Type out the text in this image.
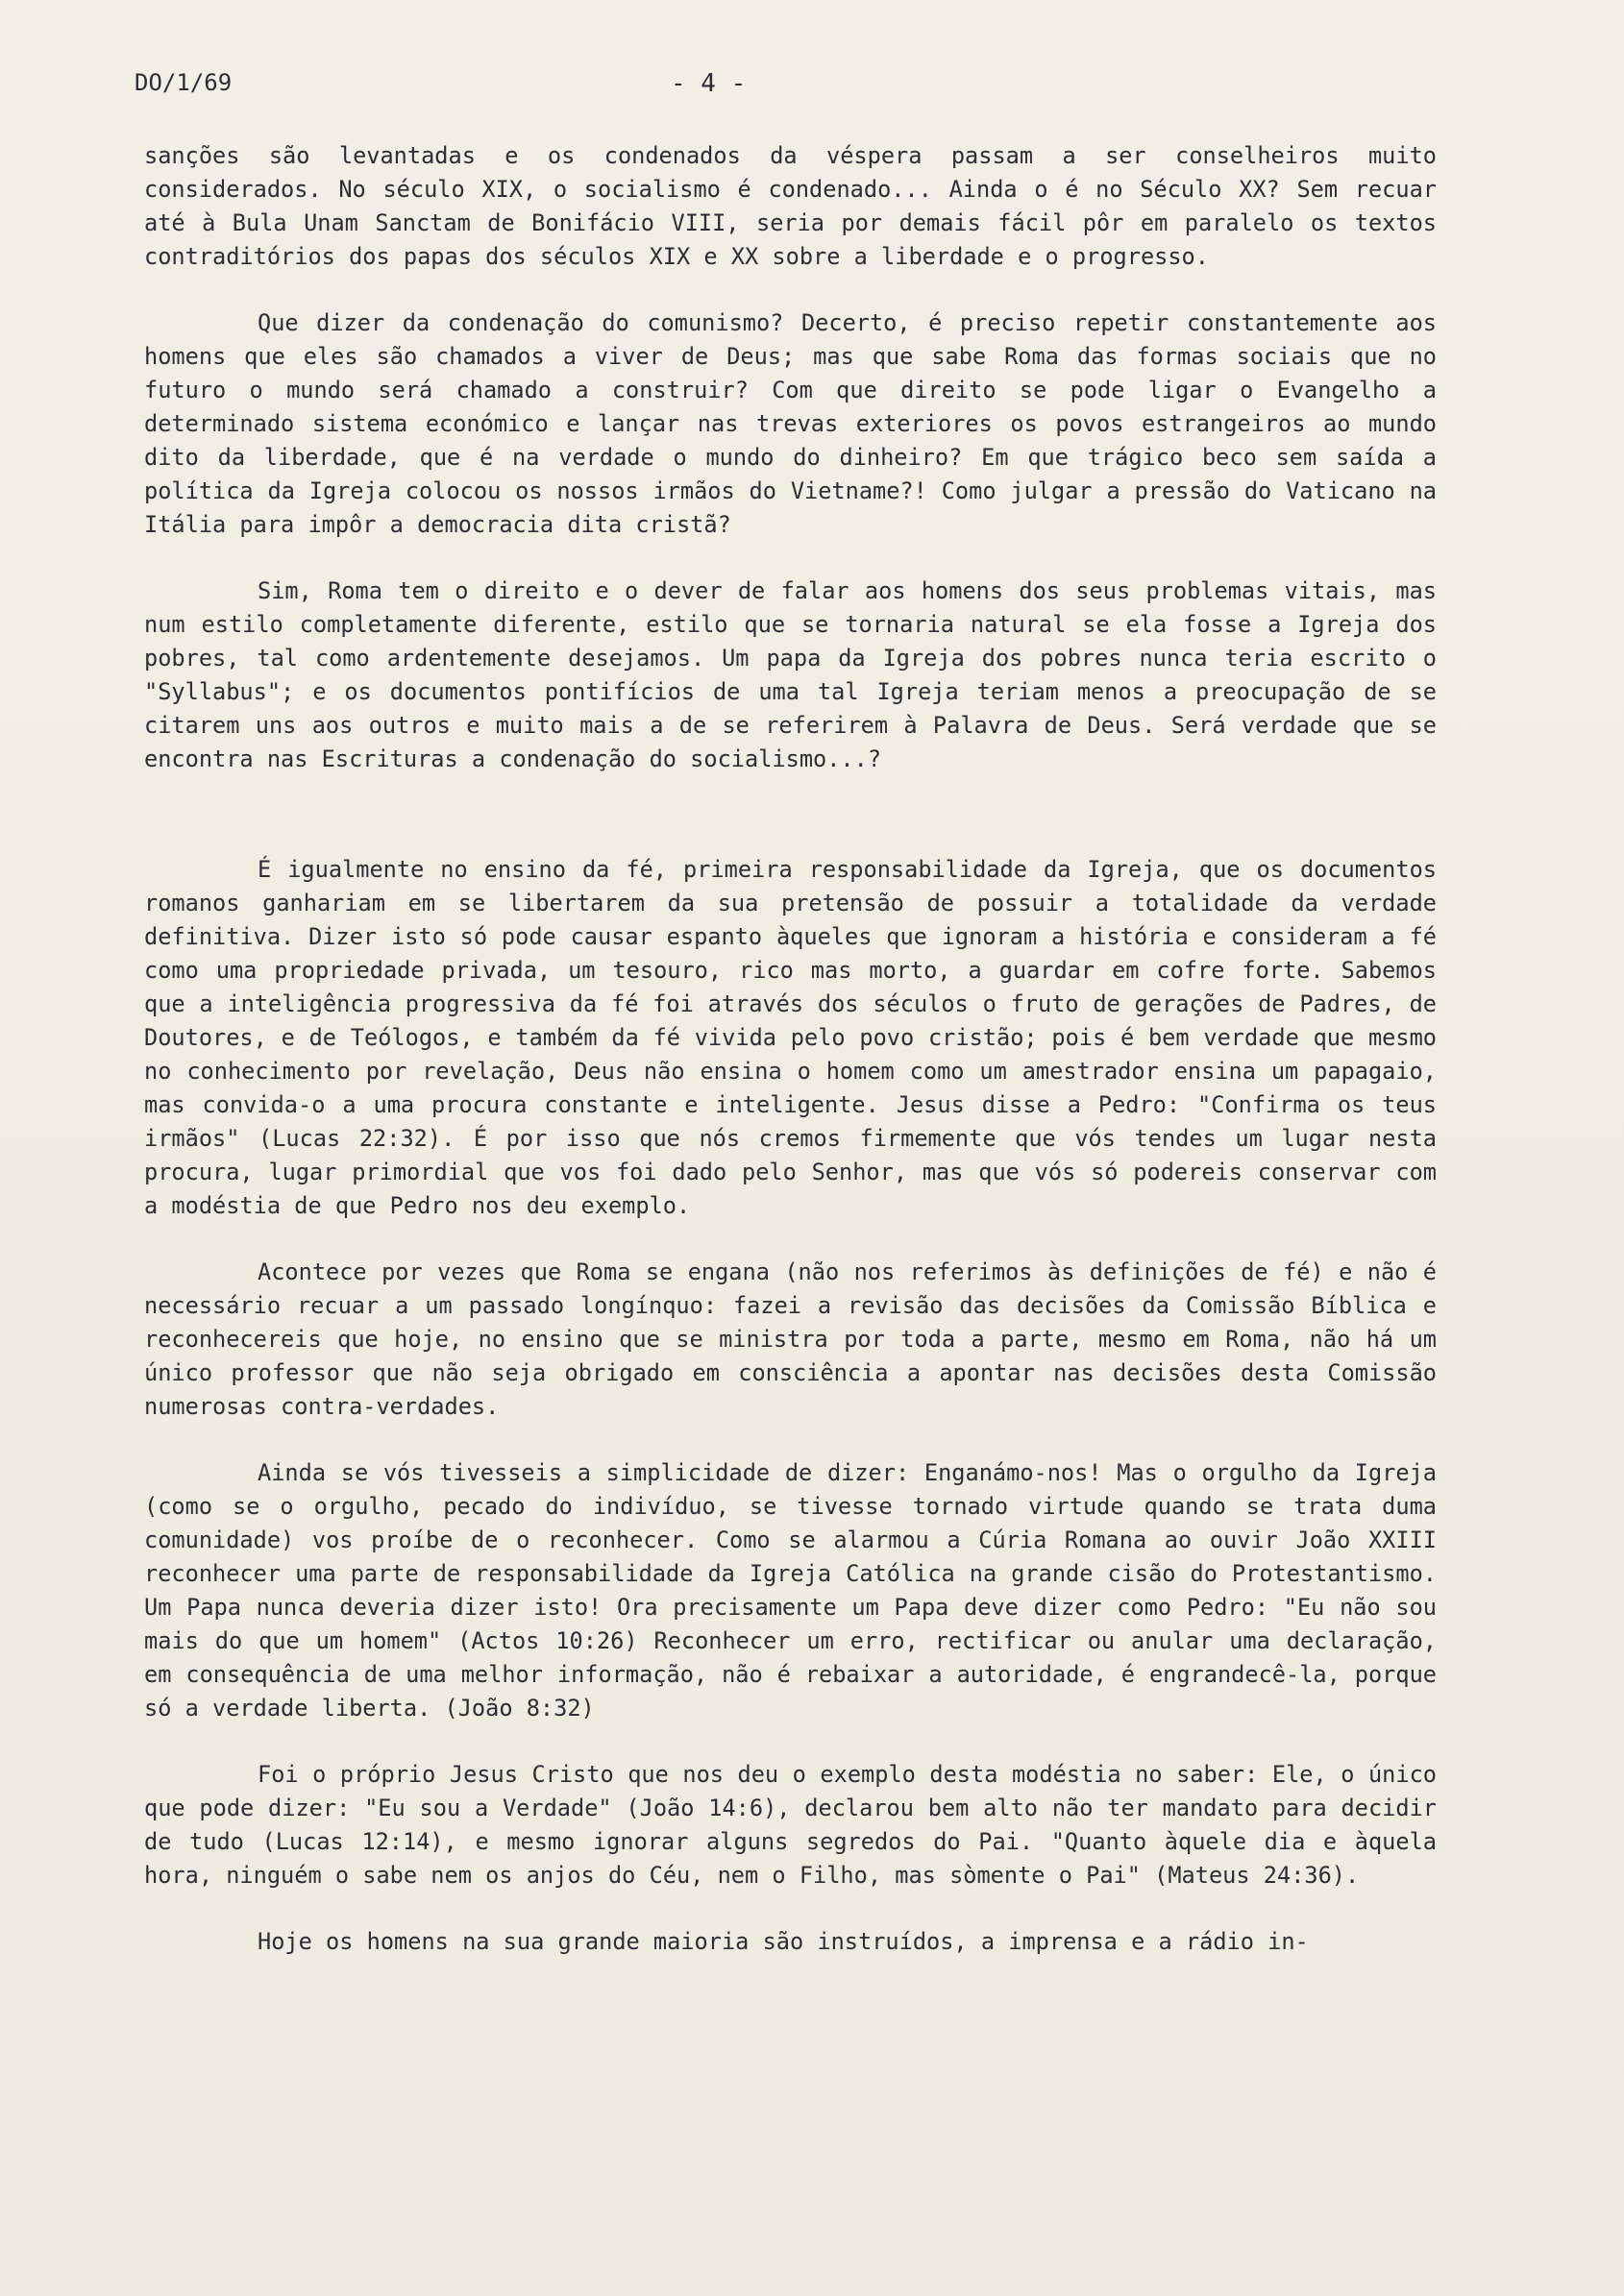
DO/1/69	- 4 -

sanções são levantadas e os condenados da véspera passam a ser conselheiros muito considerados. No século XIX, o socialismo é condenado... Ainda o é no Século XX? Sem recuar até à Bula Unam Sanctam de Bonifácio VIII, seria por demais fácil pôr em paralelo os textos contraditórios dos papas dos séculos XIX e XX sobre a liberdade e o progresso.

Que dizer da condenação do comunismo? Decerto, é preciso repetir constantemente aos homens que eles são chamados a viver de Deus; mas que sabe Roma das formas sociais que no futuro o mundo será chamado a construir? Com que direito se pode ligar o Evangelho a determinado sistema económico e lançar nas trevas exteriores os povos estrangeiros ao mundo dito da liberdade, que é na verdade o mundo do dinheiro? Em que trágico beco sem saída a política da Igreja colocou os nossos irmãos do Vietname?! Como julgar a pressão do Vaticano na Itália para impôr a democracia dita cristã?

Sim, Roma tem o direito e o dever de falar aos homens dos seus problemas vitais, mas num estilo completamente diferente, estilo que se tornaria natural se ela fosse a Igreja dos pobres, tal como ardentemente desejamos. Um papa da Igreja dos pobres nunca teria escrito o "Syllabus"; e os documentos pontifícios de uma tal Igreja teriam menos a preocupação de se citarem uns aos outros e muito mais a de se referirem à Palavra de Deus. Será verdade que se encontra nas Escrituras a condenação do socialismo...?

É igualmente no ensino da fé, primeira responsabilidade da Igreja, que os documentos romanos ganhariam em se libertarem da sua pretensão de possuir a totalidade da verdade definitiva. Dizer isto só pode causar espanto àqueles que ignoram a história e consideram a fé como uma propriedade privada, um tesouro, rico mas morto, a guardar em cofre forte. Sabemos que a inteligência progressiva da fé foi através dos séculos o fruto de gerações de Padres, de Doutores, e de Teólogos, e também da fé vivida pelo povo cristão; pois é bem verdade que mesmo no conhecimento por revelação, Deus não ensina o homem como um amestrador ensina um papagaio, mas convida-o a uma procura constante e inteligente. Jesus disse a Pedro: "Confirma os teus irmãos" (Lucas 22:32). É por isso que nós cremos firmemente que vós tendes um lugar nesta procura, lugar primordial que vos foi dado pelo Senhor, mas que vós só podereis conservar com a modéstia de que Pedro nos deu exemplo.

Acontece por vezes que Roma se engana (não nos referimos às definições de fé) e não é necessário recuar a um passado longínquo: fazei a revisão das decisões da Comissão Bíblica e reconhecereis que hoje, no ensino que se ministra por toda a parte, mesmo em Roma, não há um único professor que não seja obrigado em consciência a apontar nas decisões desta Comissão numerosas contra-verdades.

Ainda se vós tivesseis a simplicidade de dizer: Enganámo-nos! Mas o orgulho da Igreja (como se o orgulho, pecado do indivíduo, se tivesse tornado virtude quando se trata duma comunidade) vos proíbe de o reconhecer. Como se alarmou a Cúria Romana ao ouvir João XXIII reconhecer uma parte de responsabilidade da Igreja Católica na grande cisão do Protestantismo. Um Papa nunca deveria dizer isto! Ora precisamente um Papa deve dizer como Pedro: "Eu não sou mais do que um homem" (Actos 10:26) Reconhecer um erro, rectificar ou anular uma declaração, em consequência de uma melhor informação, não é rebaixar a autoridade, é engrandecê-la, porque só a verdade liberta. (João 8:32)

Foi o próprio Jesus Cristo que nos deu o exemplo desta modéstia no saber: Ele, o único que pode dizer: "Eu sou a Verdade" (João 14:6), declarou bem alto não ter mandato para decidir de tudo (Lucas 12:14), e mesmo ignorar alguns segredos do Pai. "Quanto àquele dia e àquela hora, ninguém o sabe nem os anjos do Céu, nem o Filho, mas sòmente o Pai" (Mateus 24:36).

Hoje os homens na sua grande maioria são instruídos, a imprensa e a rádio in-
